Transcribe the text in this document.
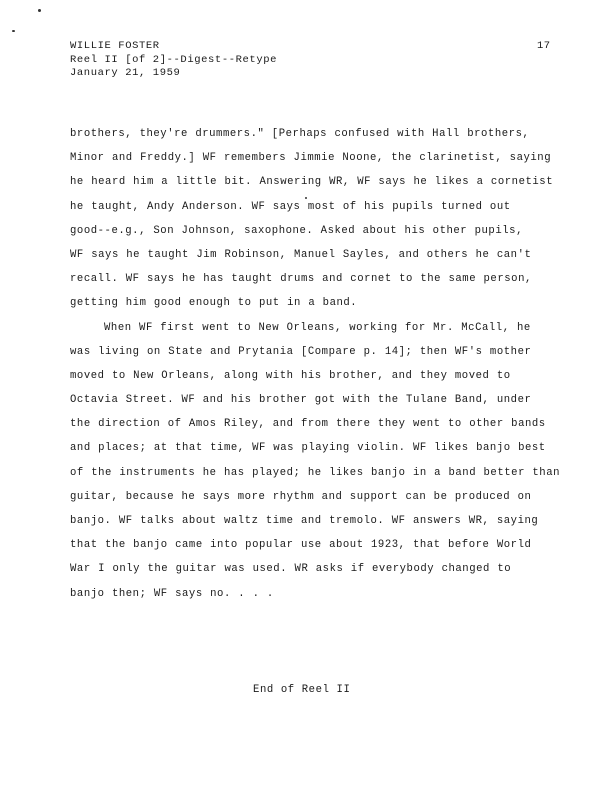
WILLIE FOSTER
Reel II [of 2]--Digest--Retype
January 21, 1959
17
brothers, they're drummers." [Perhaps confused with Hall brothers,
Minor and Freddy.] WF remembers Jimmie Noone, the clarinetist, saying
he heard him a little bit. Answering WR, WF says he likes a cornetist
he taught, Andy Anderson. WF says most of his pupils turned out
good--e.g., Son Johnson, saxophone. Asked about his other pupils,
WF says he taught Jim Robinson, Manuel Sayles, and others he can't
recall. WF says he has taught drums and cornet to the same person,
getting him good enough to put in a band.
When WF first went to New Orleans, working for Mr. McCall, he
was living on State and Prytania [Compare p. 14]; then WF's mother
moved to New Orleans, along with his brother, and they moved to
Octavia Street. WF and his brother got with the Tulane Band, under
the direction of Amos Riley, and from there they went to other bands
and places; at that time, WF was playing violin. WF likes banjo best
of the instruments he has played; he likes banjo in a band better than
guitar, because he says more rhythm and support can be produced on
banjo. WF talks about waltz time and tremolo. WF answers WR, saying
that the banjo came into popular use about 1923, that before World
War I only the guitar was used. WR asks if everybody changed to
banjo then; WF says no. . . .
End of Reel II
